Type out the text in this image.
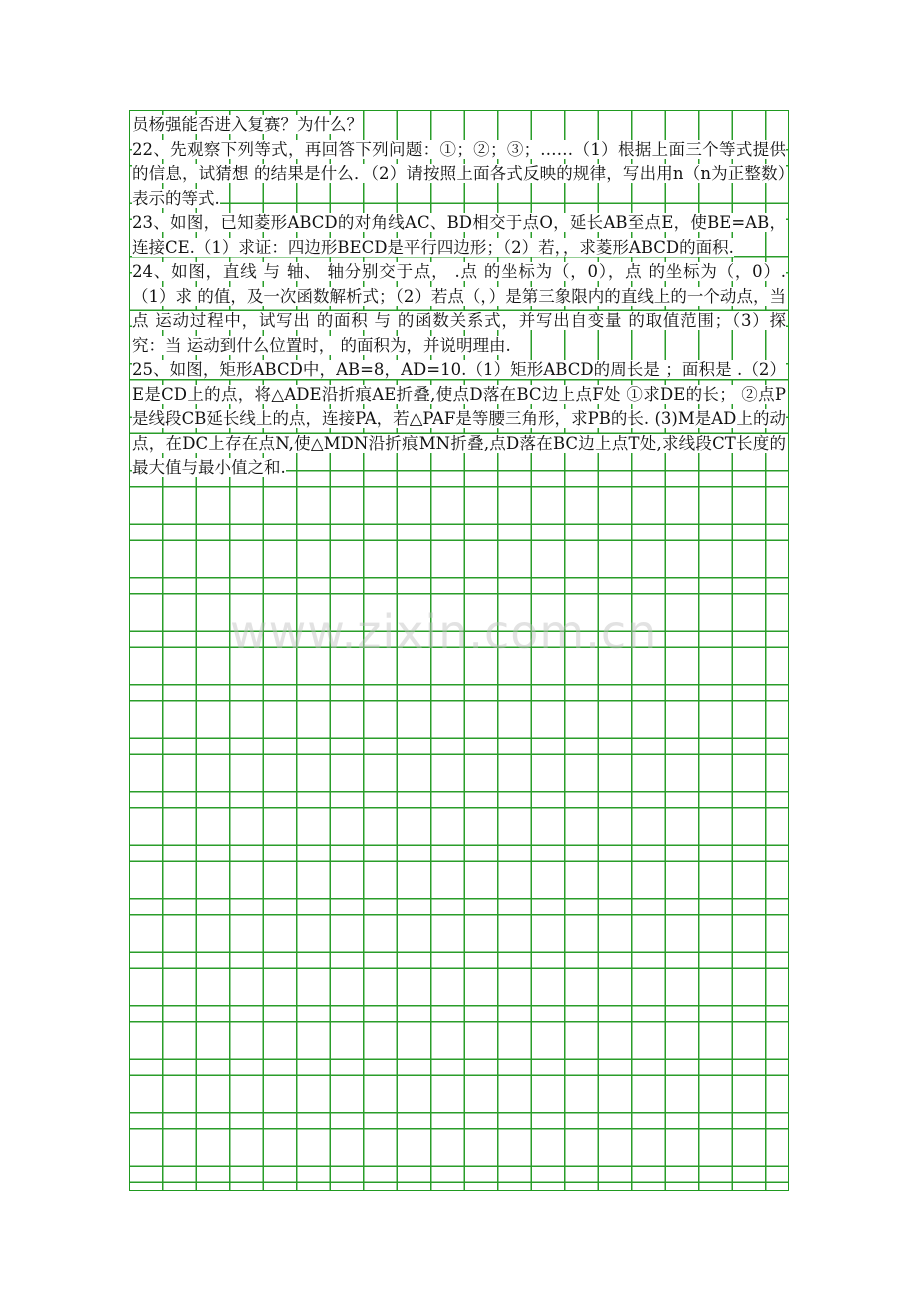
员杨强能否进入复赛？为什么？

22、先观察下列等式，再回答下列问题：①；②；③；……（1）根据上面三个等式提供的信息，试猜想 的结果是什么．（2）请按照上面各式反映的规律，写出用n（n为正整数）表示的等式.

23、如图，已知菱形ABCD的对角线AC、BD相交于点O，延长AB至点E，使BE=AB，连接CE.（1）求证：四边形BECD是平行四边形；（2）若，，求菱形ABCD的面积.

24、如图，直线 与 轴、 轴分别交于点， .点 的坐标为（，0），点 的坐标为（，0）.（1）求 的值，及一次函数解析式；（2）若点（，）是第三象限内的直线上的一个动点，当点 运动过程中，试写出 的面积 与 的函数关系式，并写出自变量 的取值范围；（3）探究：当 运动到什么位置时， 的面积为，并说明理由.

25、如图，矩形ABCD中，AB=8，AD=10.（1）矩形ABCD的周长是 ；面积是 .（2）E是CD上的点，将△ADE沿折痕AE折叠,使点D落在BC边上点F处 ①求DE的长； ②点P是线段CB延长线上的点，连接PA，若△PAF是等腰三角形，求PB的长. (3)M是AD上的动点，在DC上存在点N,使△MDN沿折痕MN折叠,点D落在BC边上点T处,求线段CT长度的最大值与最小值之和.

www.zixin.com.cn
